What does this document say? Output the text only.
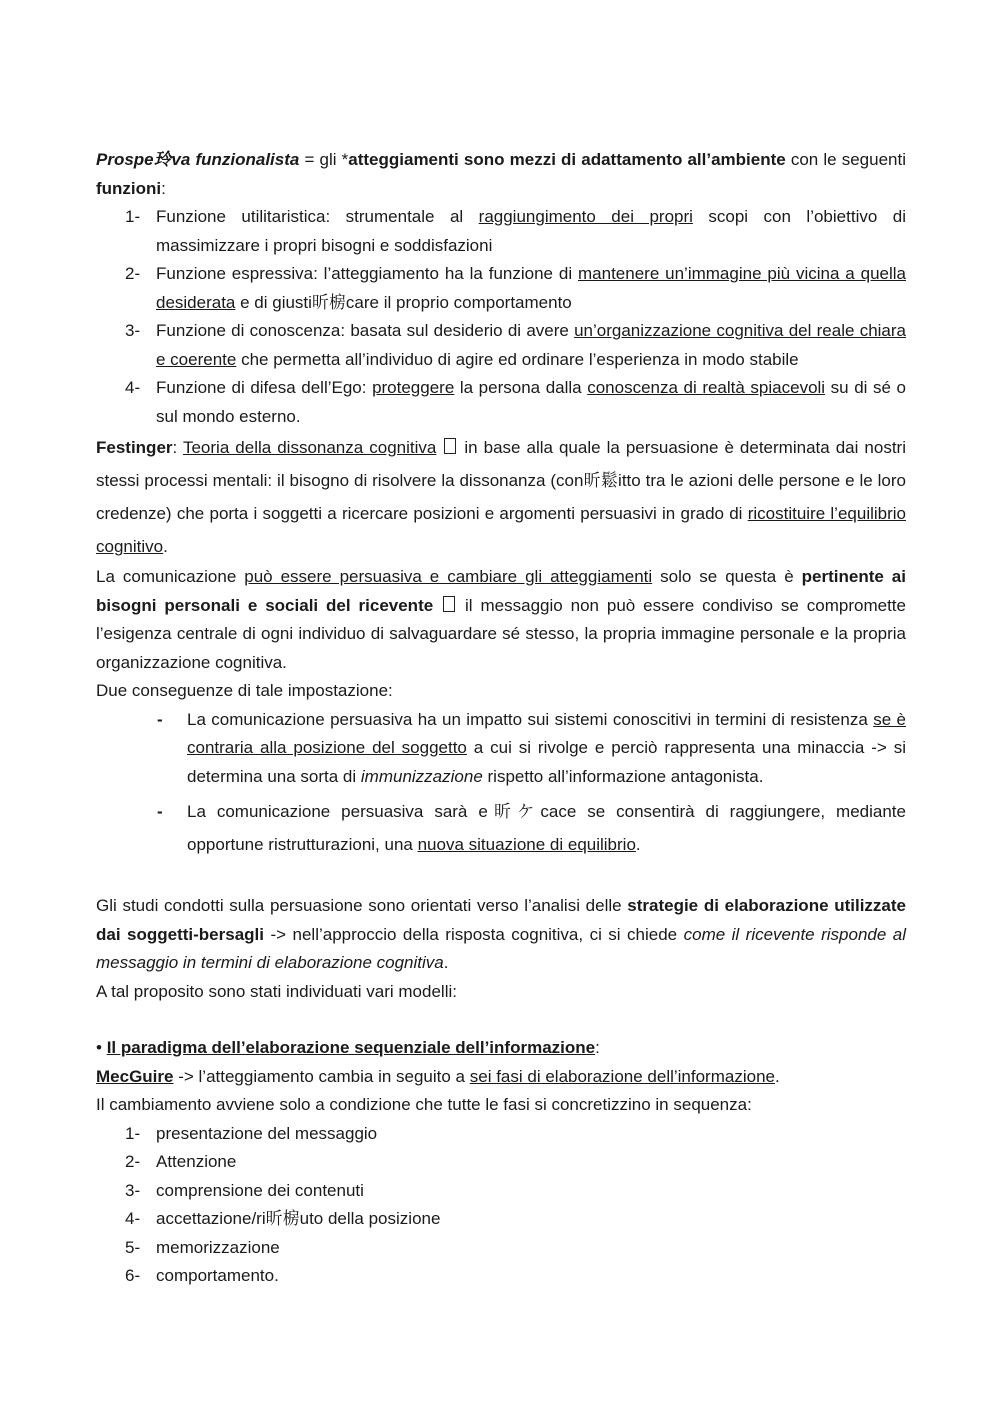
Prospe玲va funzionalista = gli *atteggiamenti sono mezzi di adattamento all’ambiente con le seguenti funzioni:

1- Funzione utilitaristica: strumentale al raggiungimento dei propri scopi con l’obiettivo di massimizzare i propri bisogni e soddisfazioni
2- Funzione espressiva: l’atteggiamento ha la funzione di mantenere un’immagine più vicina a quella desiderata e di giusti昕椖care il proprio comportamento
3- Funzione di conoscenza: basata sul desiderio di avere un’organizzazione cognitiva del reale chiara e coerente che permetta all’individuo di agire ed ordinare l’esperienza in modo stabile
4- Funzione di difesa dell’Ego: proteggere la persona dalla conoscenza di realtà spiacevoli su di sé o sul mondo esterno.

Festinger: Teoria della dissonanza cognitiva  in base alla quale la persuasione è determinata dai nostri stessi processi mentali: il bisogno di risolvere la dissonanza (con昕鬆itto tra le azioni delle persone e le loro credenze) che porta i soggetti a ricercare posizioni e argomenti persuasivi in grado di ricostituire l’equilibrio cognitivo.

La comunicazione può essere persuasiva e cambiare gli atteggiamenti solo se questa è pertinente ai bisogni personali e sociali del ricevente  il messaggio non può essere condiviso se compromette l’esigenza centrale di ogni individuo di salvaguardare sé stesso, la propria immagine personale e la propria organizzazione cognitiva.

Due conseguenze di tale impostazione:

- La comunicazione persuasiva ha un impatto sui sistemi conoscitivi in termini di resistenza se è contraria alla posizione del soggetto a cui si rivolge e perciò rappresenta una minaccia -> si determina una sorta di immunizzazione rispetto all’informazione antagonista.
- La comunicazione persuasiva sarà e昕ケcace se consentirà di raggiungere, mediante opportune ristrutturazioni, una nuova situazione di equilibrio.

Gli studi condotti sulla persuasione sono orientati verso l’analisi delle strategie di elaborazione utilizzate dai soggetti-bersagli -> nell’approccio della risposta cognitiva, ci si chiede come il ricevente risponde al messaggio in termini di elaborazione cognitiva.

A tal proposito sono stati individuati vari modelli:

• Il paradigma dell’elaborazione sequenziale dell’informazione:

MecGuire -> l’atteggiamento cambia in seguito a sei fasi di elaborazione dell’informazione.

Il cambiamento avviene solo a condizione che tutte le fasi si concretizzino in sequenza:

1- presentazione del messaggio
2- Attenzione
3- comprensione dei contenuti
4- accettazione/ri昕椖uto della posizione
5- memorizzazione
6- comportamento.
